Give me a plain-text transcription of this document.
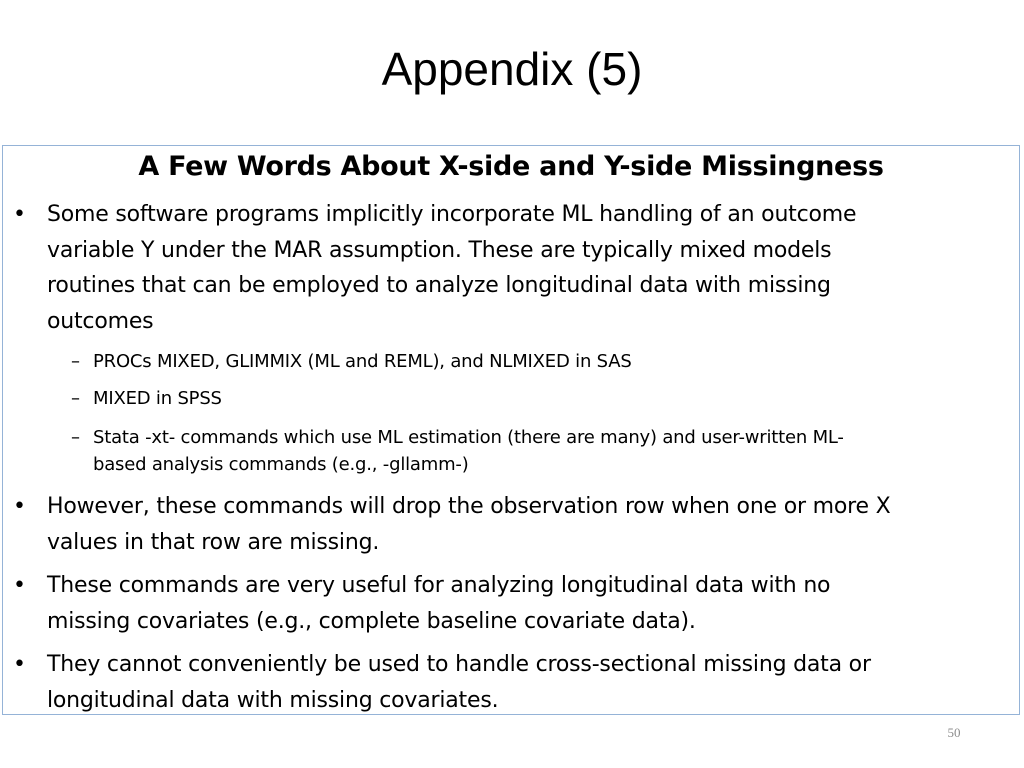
Appendix (5)
A Few Words About X-side and Y-side Missingness
• Some software programs implicitly incorporate ML handling of an outcome
variable Y under the MAR assumption. These are typically mixed models
routines that can be employed to analyze longitudinal data with missing
outcomes
– PROCs MIXED, GLIMMIX (ML and REML), and NLMIXED in SAS
– MIXED in SPSS
– Stata -xt- commands which use ML estimation (there are many) and user-written ML-
based analysis commands (e.g., -gllamm-)
• However, these commands will drop the observation row when one or more X
values in that row are missing.
• These commands are very useful for analyzing longitudinal data with no
missing covariates (e.g., complete baseline covariate data).
• They cannot conveniently be used to handle cross-sectional missing data or
longitudinal data with missing covariates.
50
